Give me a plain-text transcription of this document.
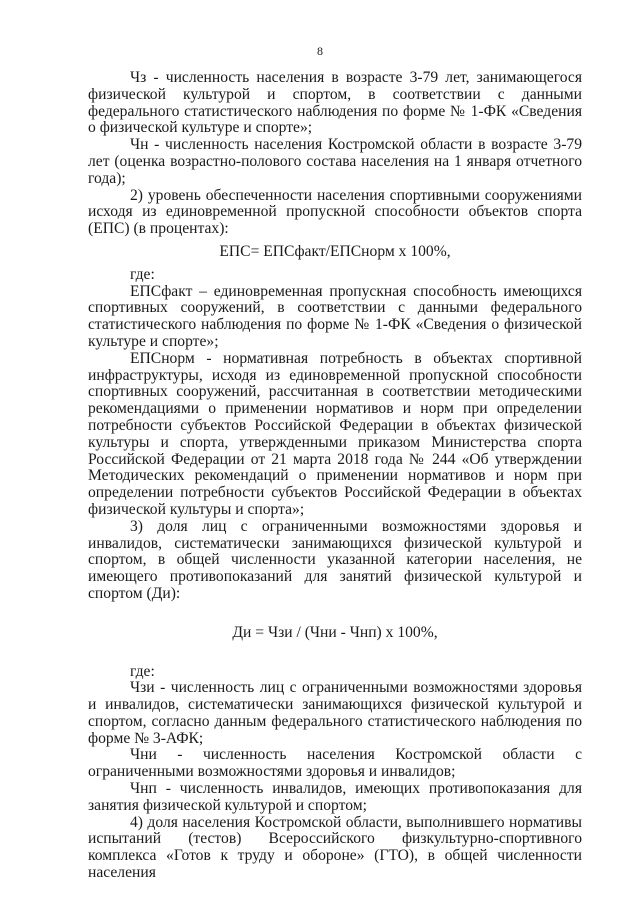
8

Чз - численность населения в возрасте 3-79 лет, занимающегося физической культурой и спортом, в соответствии с данными федерального статистического наблюдения по форме № 1-ФК «Сведения о физической культуре и спорте»;

Чн - численность населения Костромской области в возрасте 3-79 лет (оценка возрастно-полового состава населения на 1 января отчетного года);

2) уровень обеспеченности населения спортивными сооружениями исходя из единовременной пропускной способности объектов спорта (ЕПС) (в процентах):

ЕПС= ЕПСфакт/ЕПСнорм х 100%,

где:

ЕПСфакт – единовременная пропускная способность имеющихся спортивных сооружений, в соответствии с данными федерального статистического наблюдения по форме № 1-ФК «Сведения о физической культуре и спорте»;

ЕПСнорм - нормативная потребность в объектах спортивной инфраструктуры, исходя из единовременной пропускной способности спортивных сооружений, рассчитанная в соответствии методическими рекомендациями о применении нормативов и норм при определении потребности субъектов Российской Федерации в объектах физической культуры и спорта, утвержденными приказом Министерства спорта Российской Федерации от 21 марта 2018 года № 244 «Об утверждении Методических рекомендаций о применении нормативов и норм при определении потребности субъектов Российской Федерации в объектах физической культуры и спорта»;

3) доля лиц с ограниченными возможностями здоровья и инвалидов, систематически занимающихся физической культурой и спортом, в общей численности указанной категории населения, не имеющего противопоказаний для занятий физической культурой и спортом (Ди):

Ди = Чзи / (Чни - Чнп) х 100%,

где:

Чзи - численность лиц с ограниченными возможностями здоровья и инвалидов, систематически занимающихся физической культурой и спортом, согласно данным федерального статистического наблюдения по форме № 3-АФК;

Чни - численность населения Костромской области с ограниченными возможностями здоровья и инвалидов;

Чнп - численность инвалидов, имеющих противопоказания для занятия физической культурой и спортом;

4) доля населения Костромской области, выполнившего нормативы испытаний (тестов) Всероссийского физкультурно-спортивного комплекса «Готов к труду и обороне» (ГТО), в общей численности населения
